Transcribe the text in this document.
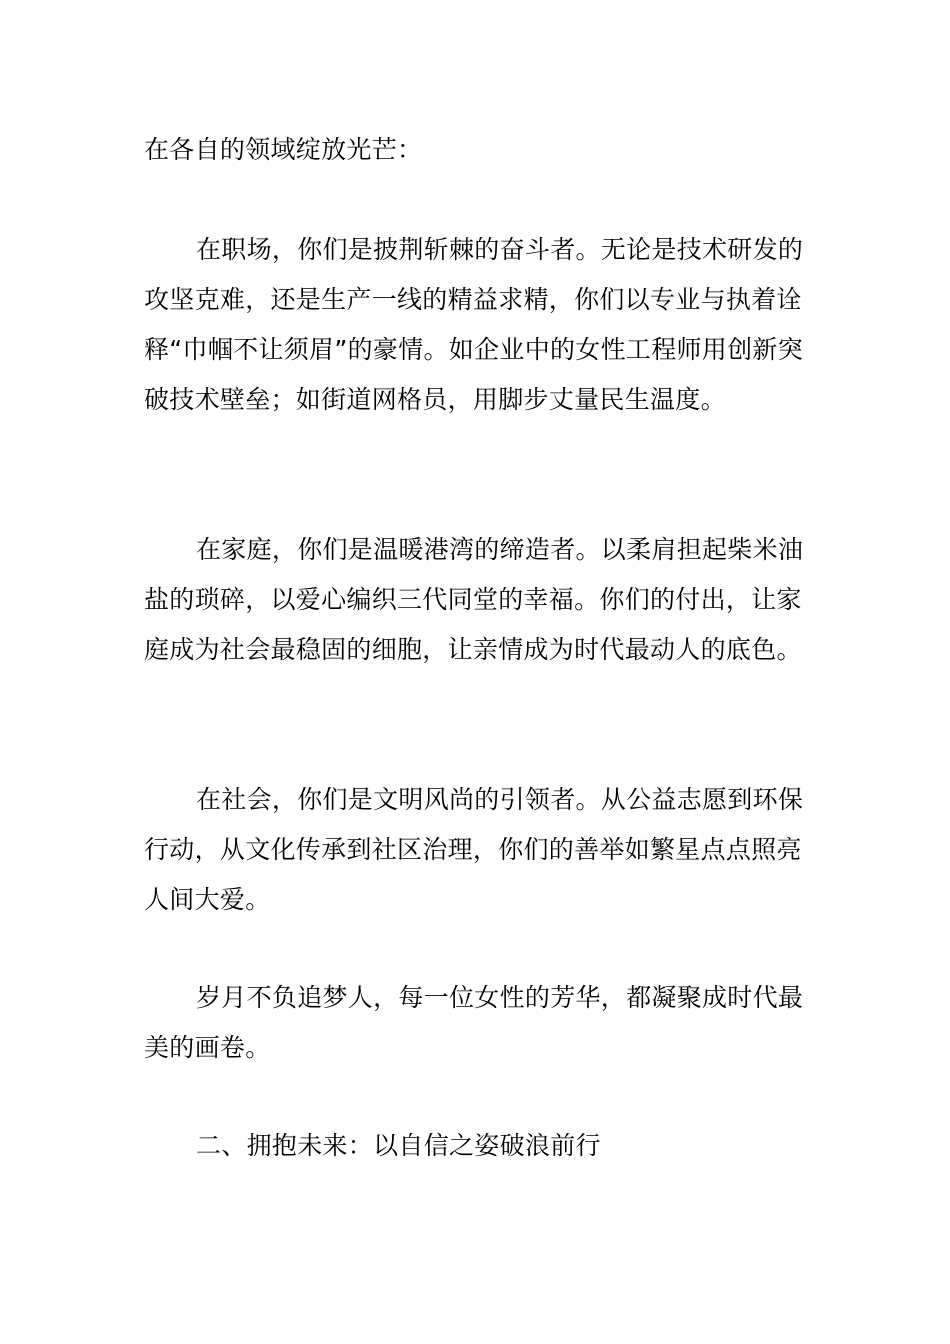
在各自的领域绽放光芒：

在职场，你们是披荆斩棘的奋斗者。无论是技术研发的攻坚克难，还是生产一线的精益求精，你们以专业与执着诠释“巾帼不让须眉”的豪情。如企业中的女性工程师用创新突破技术壁垒；如街道网格员，用脚步丈量民生温度。

在家庭，你们是温暖港湾的缔造者。以柔肩担起柴米油盐的琐碎，以爱心编织三代同堂的幸福。你们的付出，让家庭成为社会最稳固的细胞，让亲情成为时代最动人的底色。

在社会，你们是文明风尚的引领者。从公益志愿到环保行动，从文化传承到社区治理，你们的善举如繁星点点照亮人间大爱。

岁月不负追梦人，每一位女性的芳华，都凝聚成时代最美的画卷。

二、拥抱未来：以自信之姿破浪前行
